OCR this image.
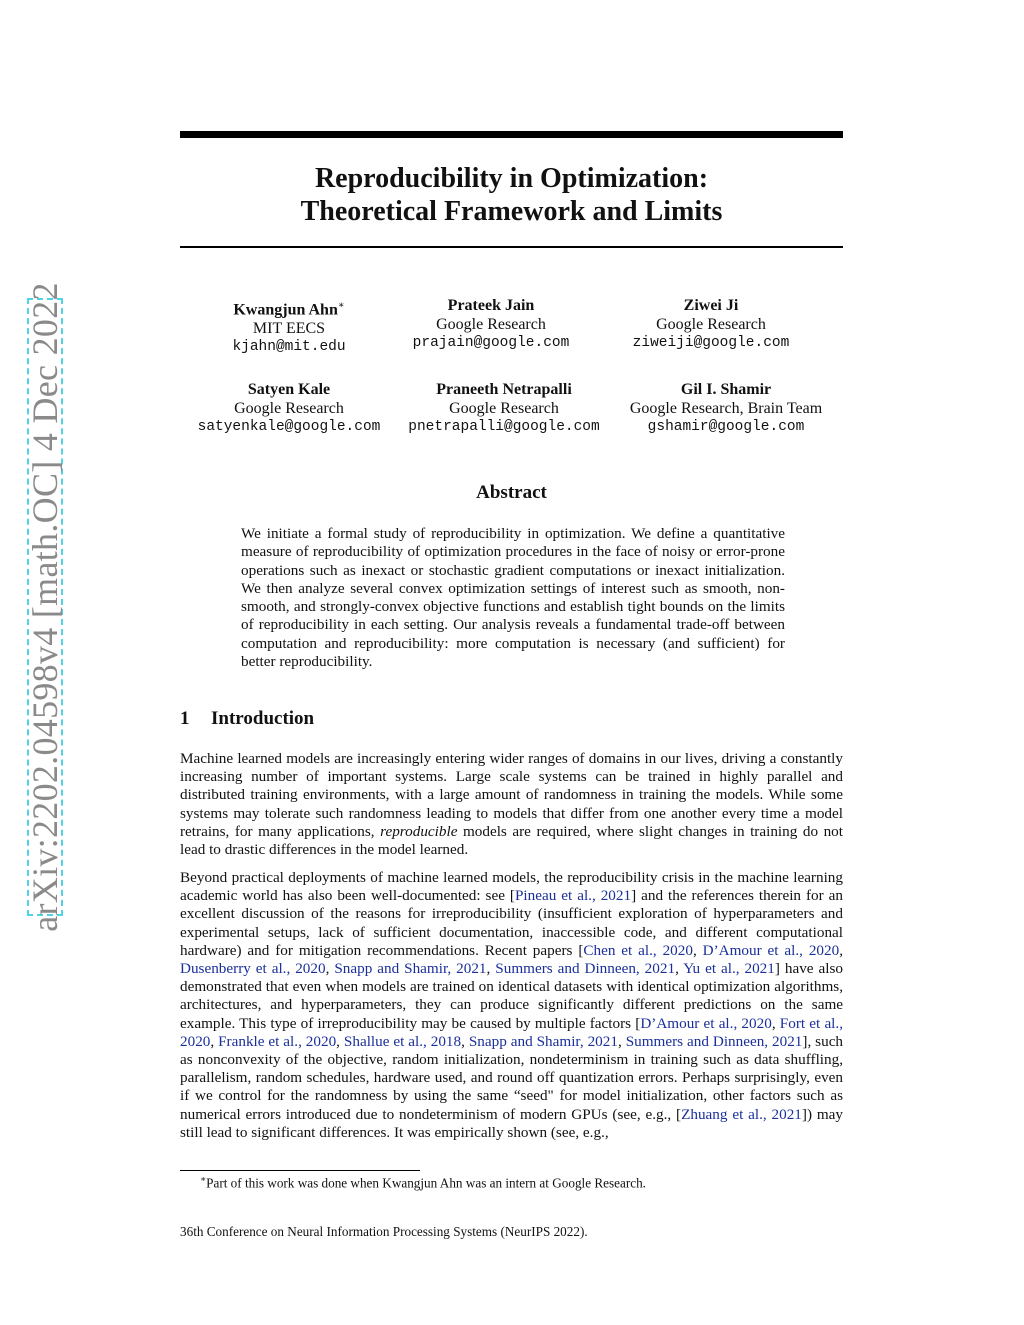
Reproducibility in Optimization:
Theoretical Framework and Limits
arXiv:2202.04598v4 [math.OC] 4 Dec 2022	Kwangjun Ahn∗
MIT EECS
kjahn@mit.edu
Prateek Jain
Google Research
prajain@google.com
Ziwei Ji
Google Research
ziweiji@google.com
Satyen Kale
Google Research
satyenkale@google.com
Praneeth Netrapalli
Google Research
pnetrapalli@google.com
Gil I. Shamir
Google Research, Brain Team
gshamir@google.com
Abstract
We initiate a formal study of reproducibility in optimization. We define a quantitative measure of reproducibility of optimization procedures in the face of noisy or error-prone operations such as inexact or stochastic gradient computations or inexact initialization. We then analyze several convex optimization settings of interest such as smooth, non-smooth, and strongly-convex objective functions and establish tight bounds on the limits of reproducibility in each setting. Our analysis reveals a fundamental trade-off between computation and reproducibility: more computation is necessary (and sufficient) for better reproducibility.
1 Introduction
Machine learned models are increasingly entering wider ranges of domains in our lives, driving a constantly increasing number of important systems. Large scale systems can be trained in highly parallel and distributed training environments, with a large amount of randomness in training the models. While some systems may tolerate such randomness leading to models that differ from one another every time a model retrains, for many applications, reproducible models are required, where slight changes in training do not lead to drastic differences in the model learned.
Beyond practical deployments of machine learned models, the reproducibility crisis in the machine learning academic world has also been well-documented: see [Pineau et al., 2021] and the references therein for an excellent discussion of the reasons for irreproducibility (insufficient exploration of hyperparameters and experimental setups, lack of sufficient documentation, inaccessible code, and different computational hardware) and for mitigation recommendations. Recent papers [Chen et al., 2020, D’Amour et al., 2020, Dusenberry et al., 2020, Snapp and Shamir, 2021, Summers and Dinneen, 2021, Yu et al., 2021] have also demonstrated that even when models are trained on identical datasets with identical optimization algorithms, architectures, and hyperparameters, they can produce significantly different predictions on the same example. This type of irreproducibility may be caused by multiple factors [D’Amour et al., 2020, Fort et al., 2020, Frankle et al., 2020, Shallue et al., 2018, Snapp and Shamir, 2021, Summers and Dinneen, 2021], such as nonconvexity of the objective, random initialization, nondeterminism in training such as data shuffling, parallelism, random schedules, hardware used, and round off quantization errors. Perhaps surprisingly, even if we control for the randomness by using the same “seed" for model initialization, other factors such as numerical errors introduced due to nondeterminism of modern GPUs (see, e.g., [Zhuang et al., 2021]) may still lead to significant differences. It was empirically shown (see, e.g.,
∗Part of this work was done when Kwangjun Ahn was an intern at Google Research.
36th Conference on Neural Information Processing Systems (NeurIPS 2022).
